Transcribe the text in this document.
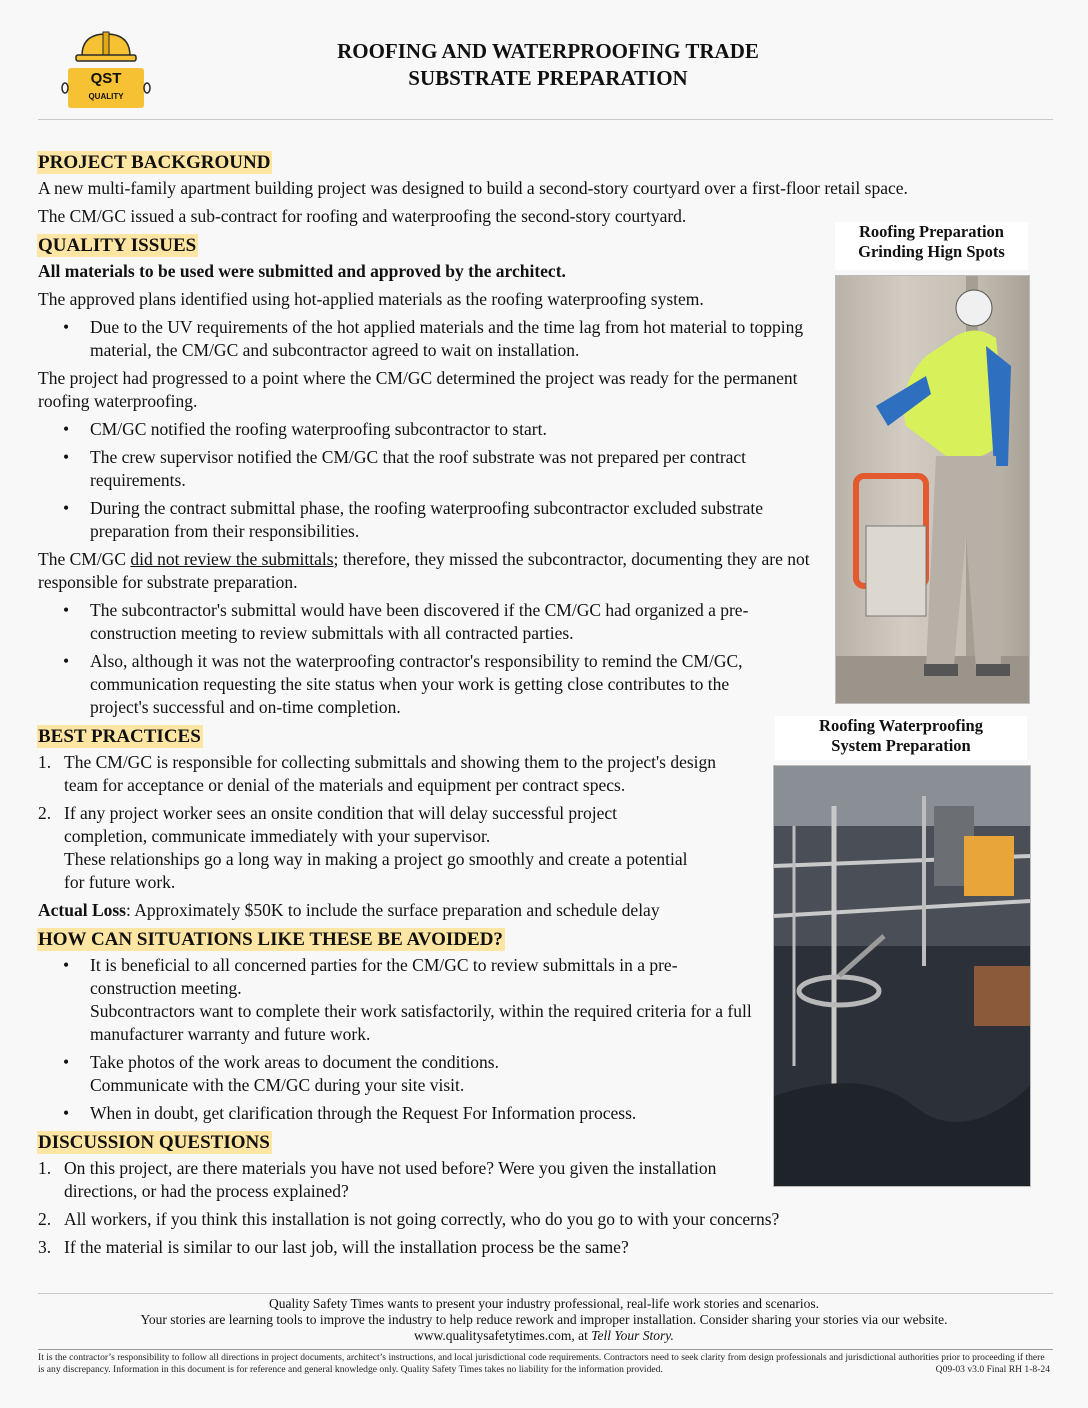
QST
QUALITY
ROOFING AND WATERPROOFING TRADE
SUBSTRATE PREPARATION
PROJECT BACKGROUND

A new multi-family apartment building project was designed to build a second-story courtyard over a first-floor retail space.

The CM/GC issued a sub-contract for roofing and waterproofing the second-story courtyard.

QUALITY ISSUES

All materials to be used were submitted and approved by the architect.

The approved plans identified using hot-applied materials as the roofing waterproofing system.

• Due to the UV requirements of the hot applied materials and the time lag from hot material to topping material, the CM/GC and subcontractor agreed to wait on installation.

The project had progressed to a point where the CM/GC determined the project was ready for the permanent roofing waterproofing.

• CM/GC notified the roofing waterproofing subcontractor to start.
• The crew supervisor notified the CM/GC that the roof substrate was not prepared per contract requirements.
• During the contract submittal phase, the roofing waterproofing subcontractor excluded substrate preparation from their responsibilities.

The CM/GC did not review the submittals; therefore, they missed the subcontractor, documenting they are not responsible for substrate preparation.

• The subcontractor's submittal would have been discovered if the CM/GC had organized a pre-construction meeting to review submittals with all contracted parties.
• Also, although it was not the waterproofing contractor's responsibility to remind the CM/GC, communication requesting the site status when your work is getting close contributes to the project's successful and on-time completion.
BEST PRACTICES
1. The CM/GC is responsible for collecting submittals and showing them to the project's design team for acceptance or denial of the materials and equipment per contract specs.
2. If any project worker sees an onsite condition that will delay successful project completion, communicate immediately with your supervisor.
These relationships go a long way in making a project go smoothly and create a potential for future work.

Actual Loss: Approximately $50K to include the surface preparation and schedule delay

HOW CAN SITUATIONS LIKE THESE BE AVOIDED?
• It is beneficial to all concerned parties for the CM/GC to review submittals in a pre-construction meeting.
Subcontractors want to complete their work satisfactorily, within the required criteria for a full manufacturer warranty and future work.
• Take photos of the work areas to document the conditions.
Communicate with the CM/GC during your site visit.
• When in doubt, get clarification through the Request For Information process.
DISCUSSION QUESTIONS
1. On this project, are there materials you have not used before? Were you given the installation directions, or had the process explained?
2. All workers, if you think this installation is not going correctly, who do you go to with your concerns?
3. If the material is similar to our last job, will the installation process be the same?
Roofing Preparation
Grinding Hign Spots
Roofing Waterproofing
System Preparation
Quality Safety Times wants to present your industry professional, real-life work stories and scenarios.
Your stories are learning tools to improve the industry to help reduce rework and improper installation. Consider sharing your stories via our website.
www.qualitysafetytimes.com, at Tell Your Story.
It is the contractor’s responsibility to follow all directions in project documents, architect’s instructions, and local jurisdictional code requirements. Contractors need to seek clarity from design professionals and jurisdictional authorities prior to proceeding if there is any discrepancy. Information in this document is for reference and general knowledge only. Quality Safety Times takes no liability for the information provided.	Q09-03 v3.0 Final RH 1-8-24
